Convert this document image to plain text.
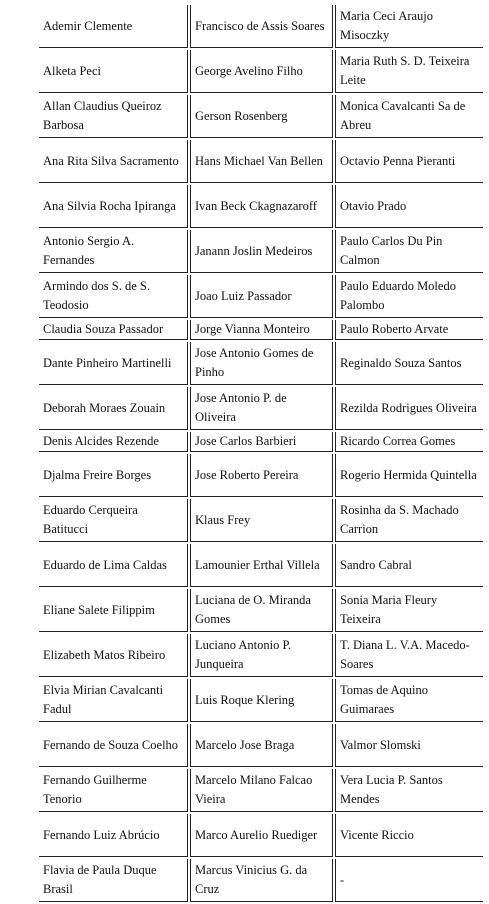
Ademir Clemente	Francisco de Assis Soares	Maria Ceci Araujo Misoczky
Alketa Peci	George Avelino Filho	Maria Ruth S. D. Teixeira Leite
Allan Claudius Queiroz Barbosa	Gerson Rosenberg	Monica Cavalcanti Sa de Abreu
Ana Rita Silva Sacramento	Hans Michael Van Bellen	Octavio Penna Pieranti
Ana Silvia Rocha Ipiranga	Ivan Beck Ckagnazaroff	Otavio Prado
Antonio Sergio A. Fernandes	Janann Joslin Medeiros	Paulo Carlos Du Pin Calmon
Armindo dos S. de S. Teodosio	Joao Luiz Passador	Paulo Eduardo Moledo Palombo
Claudia Souza Passador	Jorge Vianna Monteiro	Paulo Roberto Arvate
Dante Pinheiro Martinelli	Jose Antonio Gomes de Pinho	Reginaldo Souza Santos
Deborah Moraes Zouain	Jose Antonio P. de Oliveira	Rezilda Rodrigues Oliveira
Denis Alcides Rezende	Jose Carlos Barbieri	Ricardo Correa Gomes
Djalma Freire Borges	Jose Roberto Pereira	Rogerio Hermida Quintella
Eduardo Cerqueira Batitucci	Klaus Frey	Rosinha da S. Machado Carrion
Eduardo de Lima Caldas	Lamounier Erthal Villela	Sandro Cabral
Eliane Salete Filippim	Luciana de O. Miranda Gomes	Sonia Maria Fleury Teixeira
Elizabeth Matos Ribeiro	Luciano Antonio P. Junqueira	T. Diana L. V.A. Macedo-Soares
Elvia Mirian Cavalcanti Fadul	Luis Roque Klering	Tomas de Aquino Guimaraes
Fernando de Souza Coelho	Marcelo Jose Braga	Valmor Slomski
Fernando Guilherme Tenorio	Marcelo Milano Falcao Vieira	Vera Lucia P. Santos Mendes
Fernando Luiz Abrúcio	Marco Aurelio Ruediger	Vicente Riccio
Flavia de Paula Duque Brasil	Marcus Vinicius G. da Cruz	-
